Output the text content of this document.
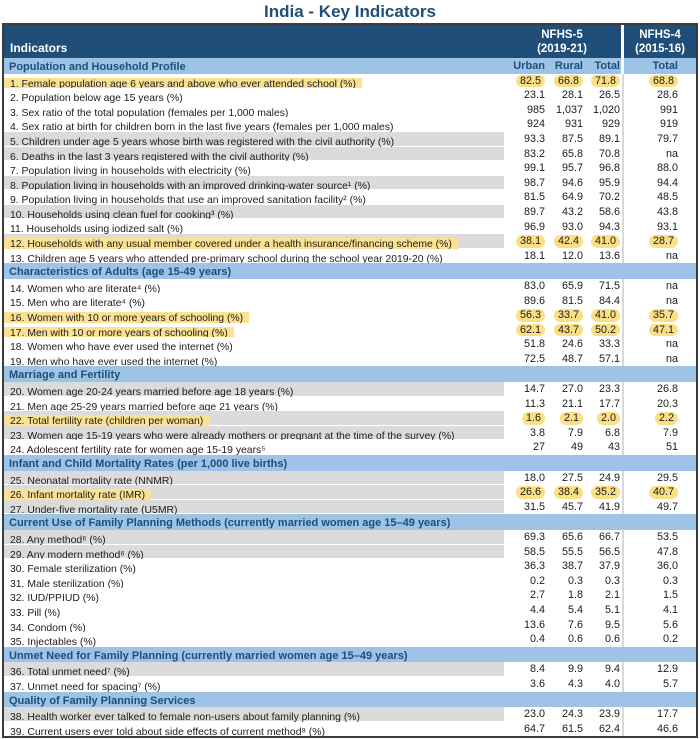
India - Key Indicators
Indicators
NFHS-5
(2019-21)
NFHS-4
(2015-16)
Population and Household Profile	Urban Rural	Total	Total
1. Female population age 6 years and above who ever attended school (%)	82.5	66.8	71.8	68.8
2. Population below age 15 years (%)	23.1 28.1 26.5	28.6
3. Sex ratio of the total population (females per 1,000 males)	985 1,037 1,020	991
4. Sex ratio at birth for children born in the last five years (females per 1,000 males)	924 931 929	919
5. Children under age 5 years whose birth was registered with the civil authority (%)	93.3 87.5 89.1	79.7
6. Deaths in the last 3 years registered with the civil authority (%)	83.2 65.8 70.8	na
7. Population living in households with electricity (%)	99.1 95.7 96.8	88.0
8. Population living in households with an improved drinking-water source¹ (%)	98.7 94.6 95.9	94.4
9. Population living in households that use an improved sanitation facility² (%)	81.5 64.9 70.2	48.5
10. Households using clean fuel for cooking³ (%)	89.7 43.2 58.6	43.8
11. Households using iodized salt (%)	96.9 93.0 94.3	93.1
12. Households with any usual member covered under a health insurance/financing scheme (%)	38.1	42.4	41.0	28.7
13. Children age 5 years who attended pre-primary school during the school year 2019-20 (%)	18.1 12.0 13.6	na
Characteristics of Adults (age 15-49 years)
14. Women who are literate⁴ (%)	83.0 65.9 71.5	na
15. Men who are literate⁴ (%)	89.6 81.5 84.4	na
16. Women with 10 or more years of schooling (%)	56.3	33.7	41.0	35.7
17. Men with 10 or more years of schooling (%)	62.1	43.7	50.2	47.1
18. Women who have ever used the internet (%)	51.8 24.6 33.3	na
19. Men who have ever used the internet (%)	72.5 48.7 57.1	na
Marriage and Fertility
20. Women age 20-24 years married before age 18 years (%)	14.7 27.0 23.3	26.8
21. Men age 25-29 years married before age 21 years (%)	11.3 21.1 17.7	20.3
22. Total fertility rate (children per woman)	1.6	2.1	2.0	2.2
23. Women age 15-19 years who were already mothers or pregnant at the time of the survey (%)	3.8 7.9 6.8	7.9
24. Adolescent fertility rate for women age 15-19 years⁵	27 49 43	51
Infant and Child Mortality Rates (per 1,000 live births)
25. Neonatal mortality rate (NNMR)	18.0 27.5 24.9	29.5
26. Infant mortality rate (IMR)	26.6	38.4	35.2	40.7
27. Under-five mortality rate (U5MR)	31.5 45.7 41.9	49.7
Current Use of Family Planning Methods (currently married women age 15–49 years)
28. Any method⁶ (%)	69.3 65.6 66.7	53.5
29. Any modern method⁶ (%)	58.5 55.5 56.5	47.8
30. Female sterilization (%)	36.3 38.7 37.9	36.0
31. Male sterilization (%)	0.2 0.3 0.3	0.3
32. IUD/PPIUD (%)	2.7 1.8 2.1	1.5
33. Pill (%)	4.4 5.4 5.1	4.1
34. Condom (%)	13.6 7.6 9.5	5.6
35. Injectables (%)	0.4 0.6 0.6	0.2
Unmet Need for Family Planning (currently married women age 15–49 years)
36. Total unmet need⁷ (%)	8.4 9.9 9.4	12.9
37. Unmet need for spacing⁷ (%)	3.6 4.3 4.0	5.7
Quality of Family Planning Services
38. Health worker ever talked to female non-users about family planning (%)	23.0 24.3 23.9	17.7
39. Current users ever told about side effects of current method⁸ (%)	64.7 61.5 62.4	46.6
